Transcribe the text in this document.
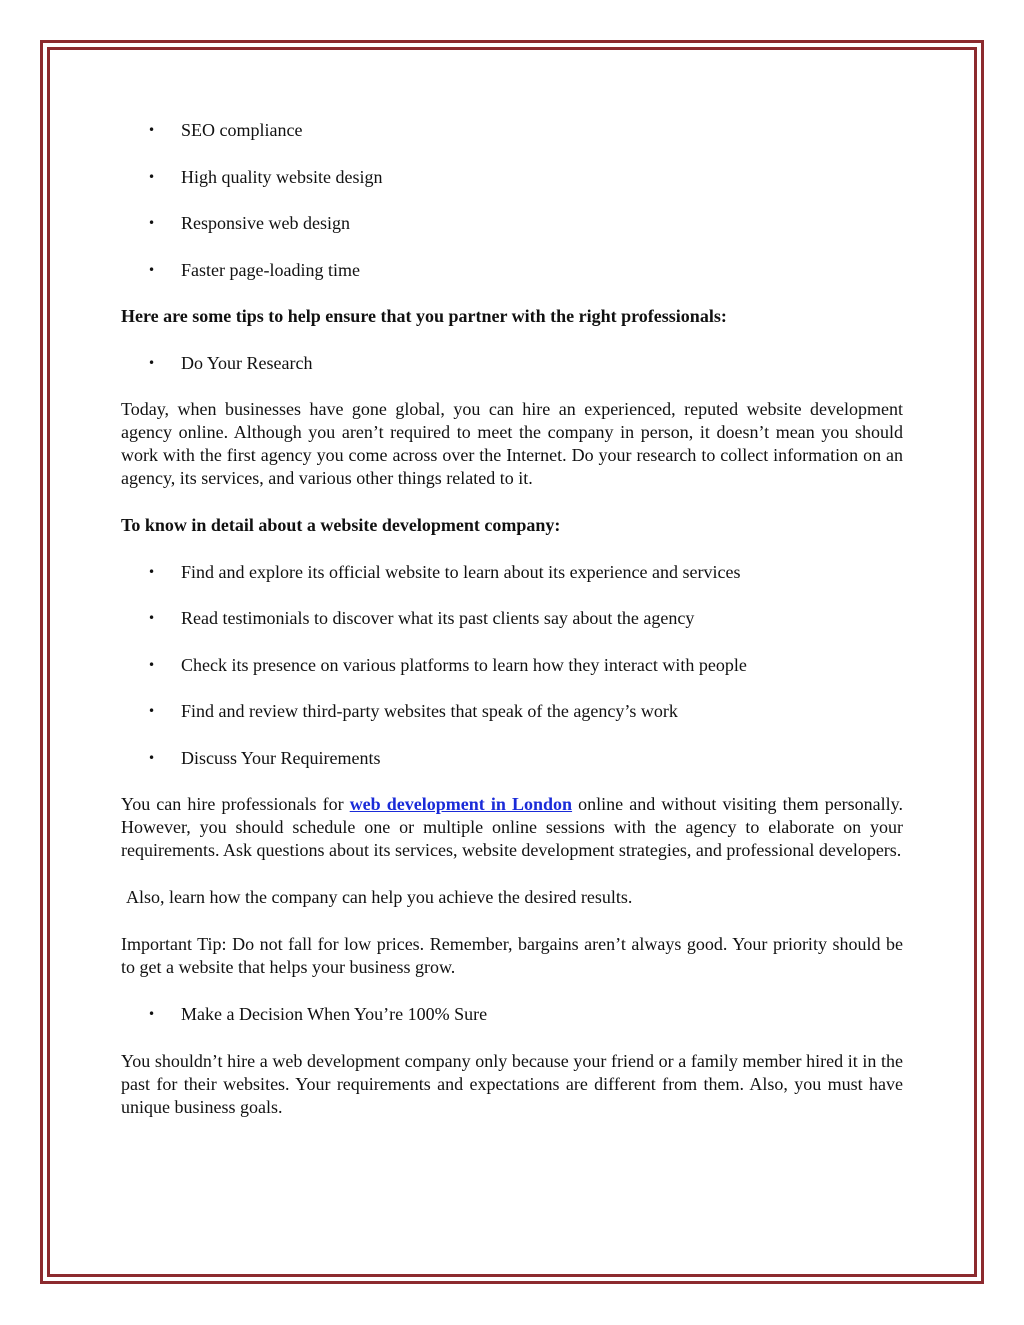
• SEO compliance
• High quality website design
• Responsive web design
• Faster page-loading time
Here are some tips to help ensure that you partner with the right professionals:
• Do Your Research
Today, when businesses have gone global, you can hire an experienced, reputed website development agency online. Although you aren’t required to meet the company in person, it doesn’t mean you should work with the first agency you come across over the Internet. Do your research to collect information on an agency, its services, and various other things related to it.
To know in detail about a website development company:
• Find and explore its official website to learn about its experience and services
• Read testimonials to discover what its past clients say about the agency
• Check its presence on various platforms to learn how they interact with people
• Find and review third-party websites that speak of the agency’s work
• Discuss Your Requirements
You can hire professionals for web development in London online and without visiting them personally. However, you should schedule one or multiple online sessions with the agency to elaborate on your requirements. Ask questions about its services, website development strategies, and professional developers.
Also, learn how the company can help you achieve the desired results.
Important Tip: Do not fall for low prices. Remember, bargains aren’t always good. Your priority should be to get a website that helps your business grow.
• Make a Decision When You’re 100% Sure
You shouldn’t hire a web development company only because your friend or a family member hired it in the past for their websites. Your requirements and expectations are different from them. Also, you must have unique business goals.
